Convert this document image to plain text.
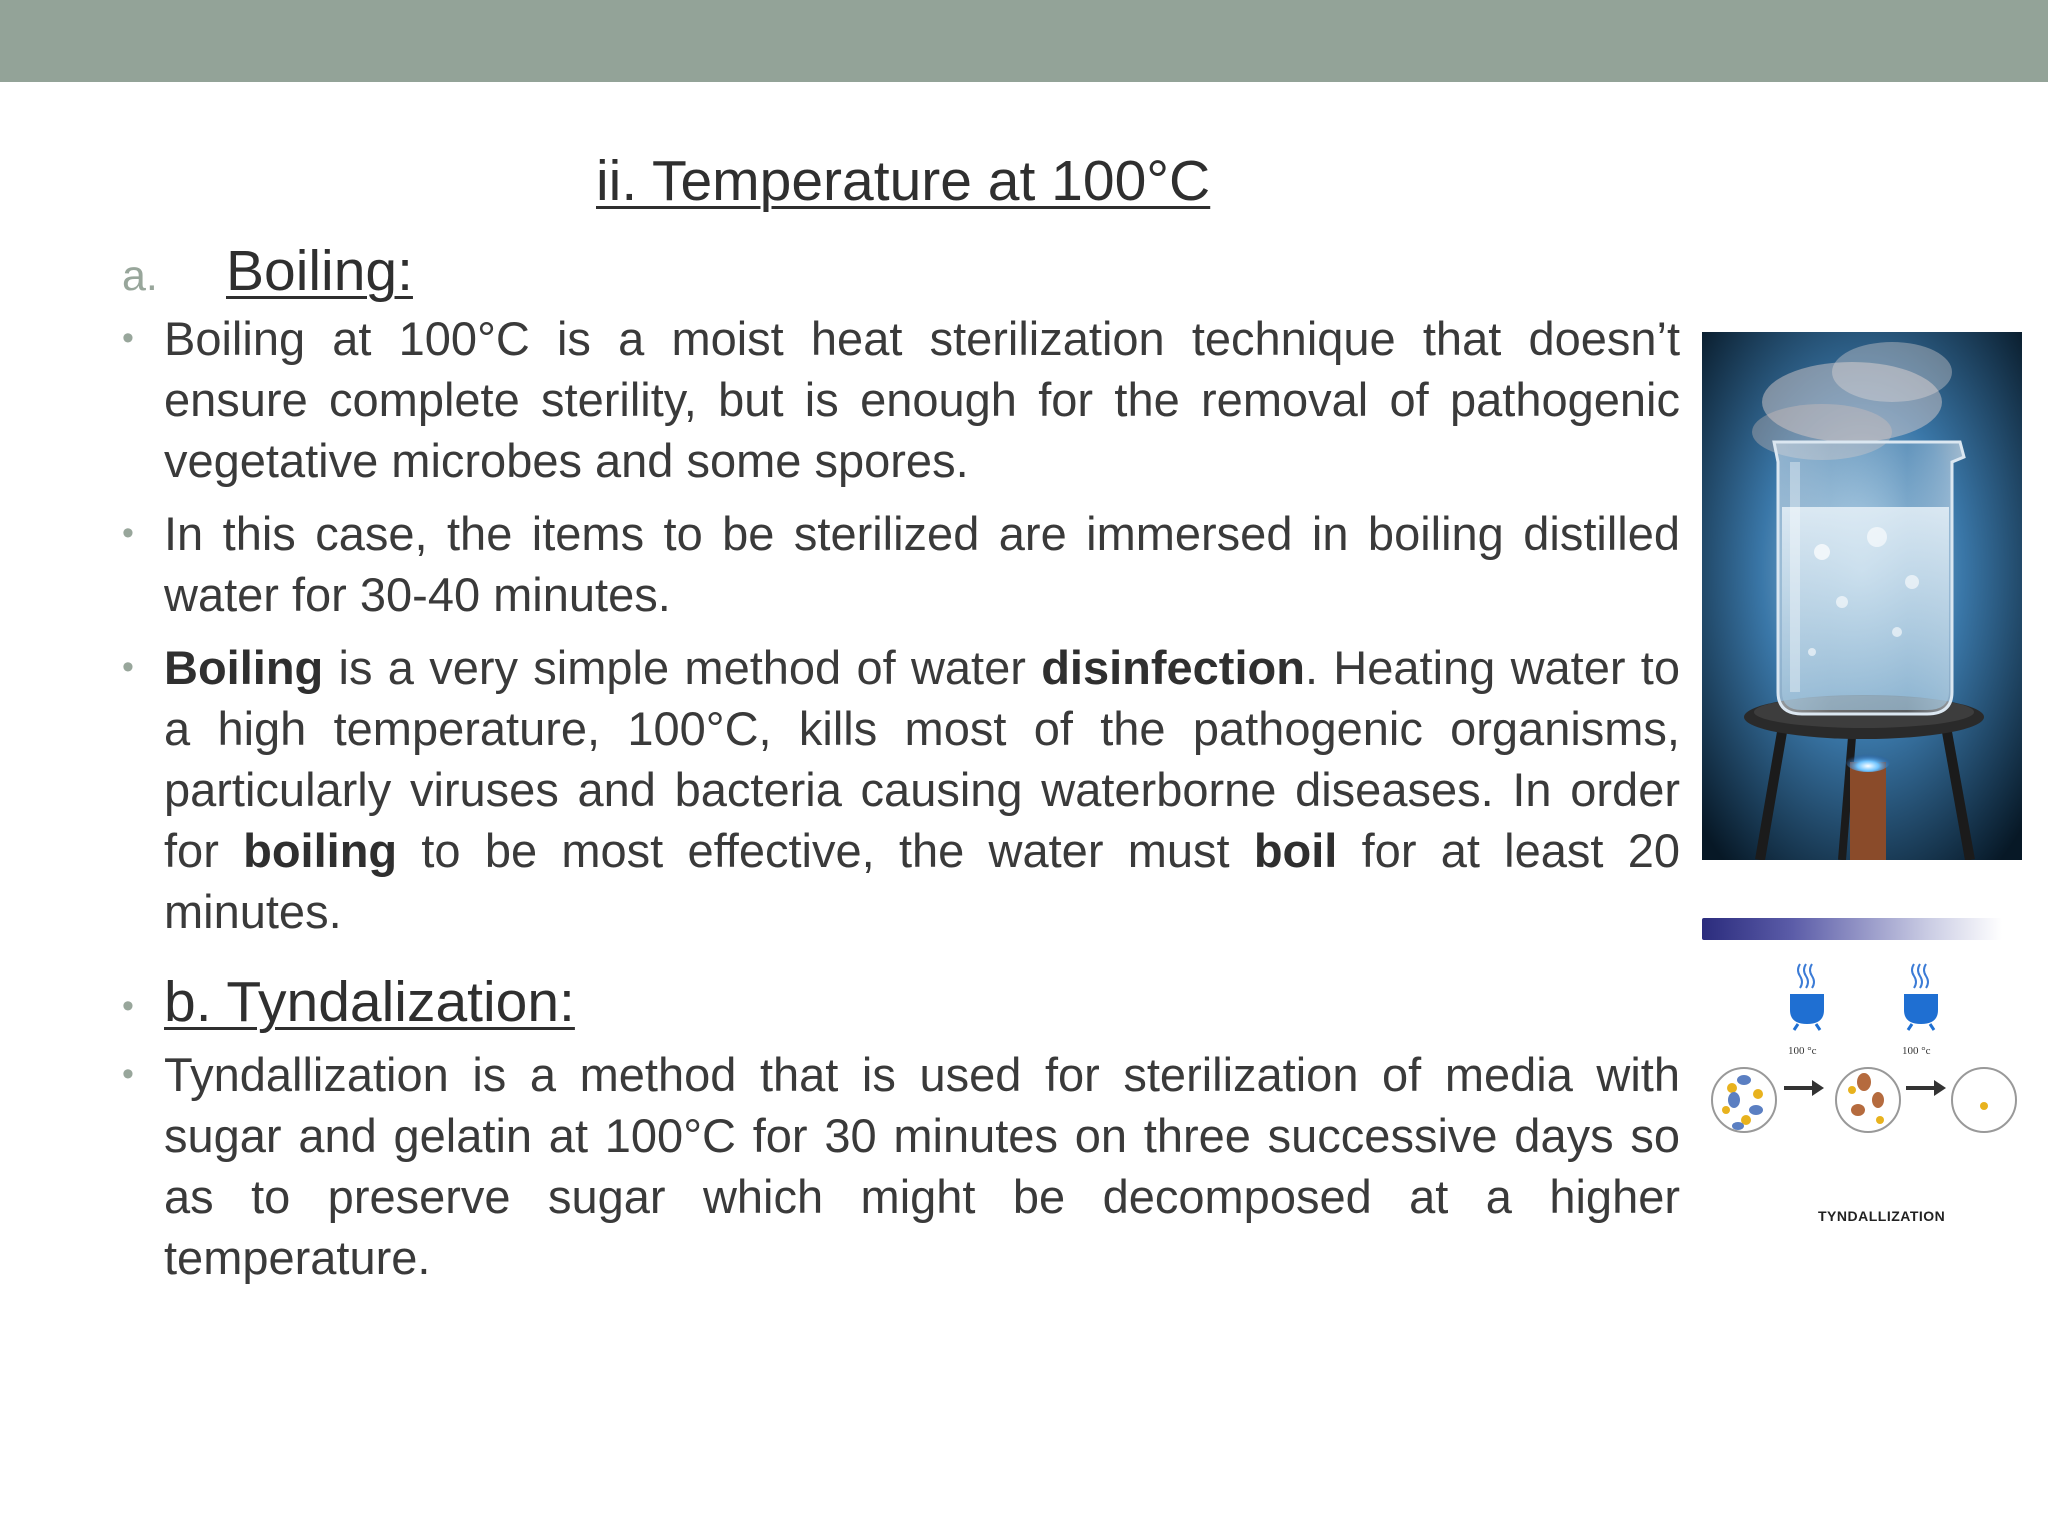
ii. Temperature at 100°C
a. Boiling:
• Boiling at 100°C is a moist heat sterilization technique that doesn’t ensure complete sterility, but is enough for the removal of pathogenic vegetative microbes and some spores.
• In this case, the items to be sterilized are immersed in boiling distilled water for 30-40 minutes.
• Boiling is a very simple method of water disinfection. Heating water to a high temperature, 100°C, kills most of the pathogenic organisms, particularly viruses and bacteria causing waterborne diseases. In order for boiling to be most effective, the water must boil for at least 20 minutes.
• b. Tyndalization:
• Tyndallization is a method that is used for sterilization of media with sugar and gelatin at 100°C for 30 minutes on three successive days so as to preserve sugar which might be decomposed at a higher temperature.
100 °c	100 °c
TYNDALLIZATION
